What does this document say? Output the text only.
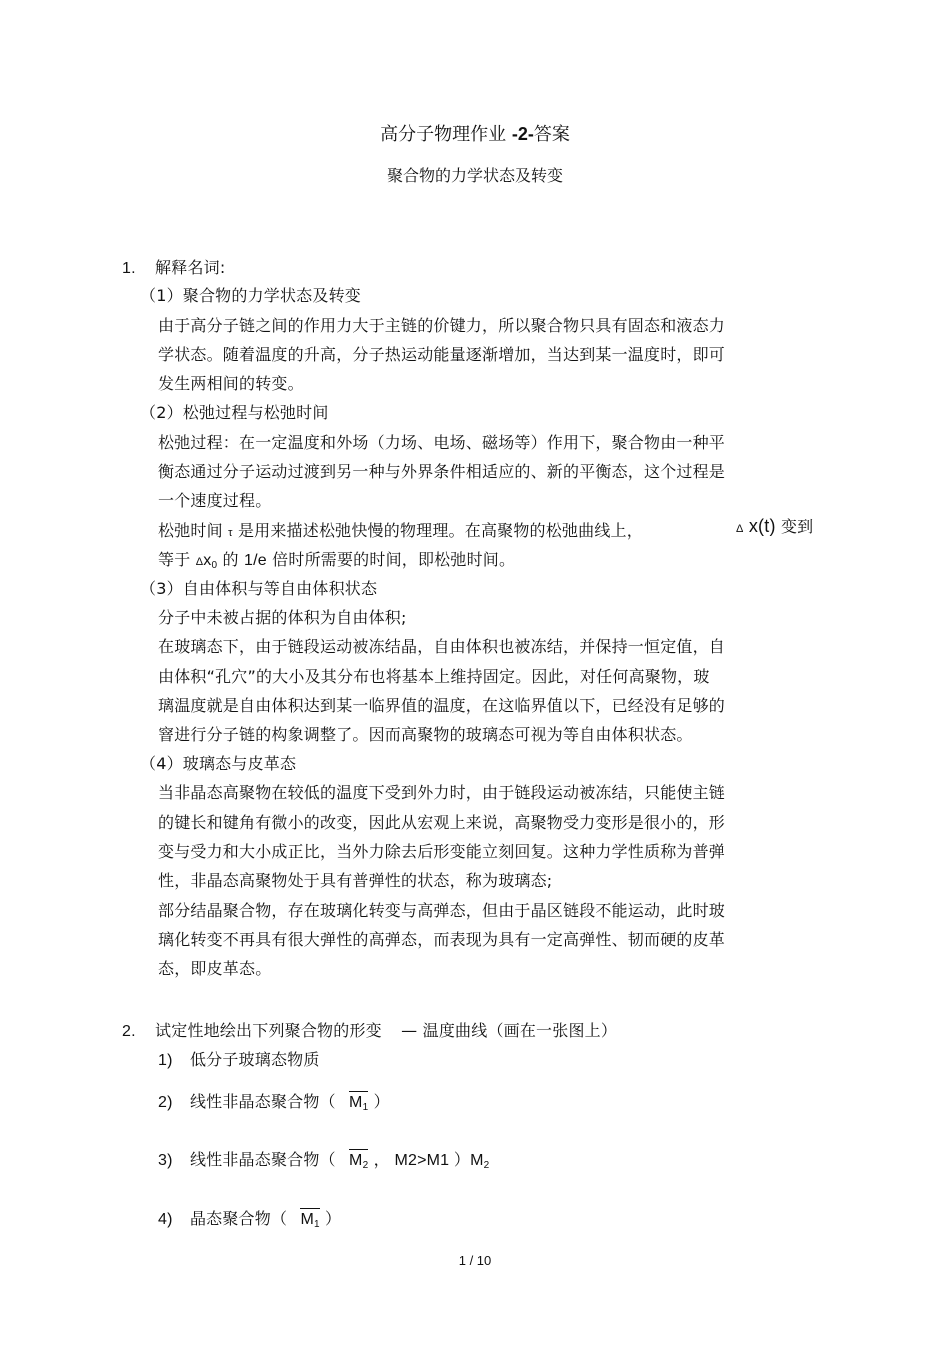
高分子物理作业 -2-答案
聚合物的力学状态及转变
1. 解释名词:
（1）聚合物的力学状态及转变
由于高分子链之间的作用力大于主链的价键力，所以聚合物只具有固态和液态力
学状态。随着温度的升高，分子热运动能量逐渐增加，当达到某一温度时，即可
发生两相间的转变。
（2）松弛过程与松弛时间
松弛过程：在一定温度和外场（力场、电场、磁场等）作用下，聚合物由一种平
衡态通过分子运动过渡到另一种与外界条件相适应的、新的平衡态，这个过程是
一个速度过程。
松弛时间 τ 是用来描述松弛快慢的物理理。在高聚物的松弛曲线上，	Δ x(t) 变到
等于 $\Delta x_0$ 的 1/e 倍时所需要的时间，即松弛时间。
（3）自由体积与等自由体积状态
分子中未被占据的体积为自由体积;
在玻璃态下，由于链段运动被冻结晶，自由体积也被冻结，并保持一恒定值，自
由体积“孔穴”的大小及其分布也将基本上维持固定。因此，对任何高聚物，玻
璃温度就是自由体积达到某一临界值的温度，在这临界值以下，已经没有足够的
窨进行分子链的构象调整了。因而高聚物的玻璃态可视为等自由体积状态。
（4）玻璃态与皮革态
当非晶态高聚物在较低的温度下受到外力时，由于链段运动被冻结，只能使主链
的键长和键角有微小的改变，因此从宏观上来说，高聚物受力变形是很小的，形
变与受力和大小成正比，当外力除去后形变能立刻回复。这种力学性质称为普弹
性，非晶态高聚物处于具有普弹性的状态，称为玻璃态;
部分结晶聚合物，存在玻璃化转变与高弹态，但由于晶区链段不能运动，此时玻
璃化转变不再具有很大弹性的高弹态，而表现为具有一定高弹性、韧而硬的皮革
态，即皮革态。
2. 试定性地绘出下列聚合物的形变 — 温度曲线（画在一张图上）
1) 低分子玻璃态物质
2) 线性非晶态聚合物（ $M_1$ ）
3) 线性非晶态聚合物（ $M_2$ ， M2>M1 ）$M_2$
4) 晶态聚合物（ $M_1$ ）
1 / 10
